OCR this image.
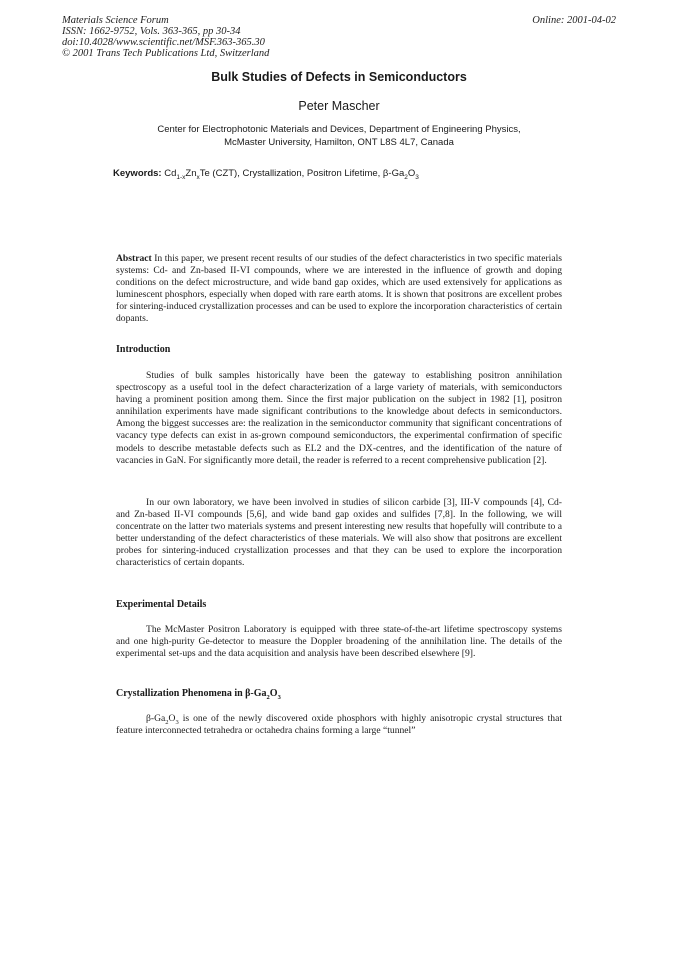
Materials Science Forum
ISSN: 1662-9752, Vols. 363-365, pp 30-34
doi:10.4028/www.scientific.net/MSF.363-365.30
© 2001 Trans Tech Publications Ltd, Switzerland
Online: 2001-04-02
Bulk Studies of Defects in Semiconductors
Peter Mascher
Center for Electrophotonic Materials and Devices, Department of Engineering Physics,
McMaster University, Hamilton, ONT L8S 4L7, Canada
Keywords: $Cd_{1-x}Zn_xTe$ (CZT), Crystallization, Positron Lifetime, $\beta-Ga_2O_3$
Abstract In this paper, we present recent results of our studies of the defect characteristics in two specific materials systems: Cd- and Zn-based II-VI compounds, where we are interested in the influence of growth and doping conditions on the defect microstructure, and wide band gap oxides, which are used extensively for applications as luminescent phosphors, especially when doped with rare earth atoms. It is shown that positrons are excellent probes for sintering-induced crystallization processes and can be used to explore the incorporation characteristics of certain dopants.
Introduction
Studies of bulk samples historically have been the gateway to establishing positron annihilation spectroscopy as a useful tool in the defect characterization of a large variety of materials, with semiconductors having a prominent position among them. Since the first major publication on the subject in 1982 [1], positron annihilation experiments have made significant contributions to the knowledge about defects in semiconductors. Among the biggest successes are: the realization in the semiconductor community that significant concentrations of vacancy type defects can exist in as-grown compound semiconductors, the experimental confirmation of specific models to describe metastable defects such as EL2 and the DX-centres, and the identification of the nature of vacancies in GaN. For significantly more detail, the reader is referred to a recent comprehensive publication [2].
In our own laboratory, we have been involved in studies of silicon carbide [3], III-V compounds [4], Cd- and Zn-based II-VI compounds [5,6], and wide band gap oxides and sulfides [7,8]. In the following, we will concentrate on the latter two materials systems and present interesting new results that hopefully will contribute to a better understanding of the defect characteristics of these materials. We will also show that positrons are excellent probes for sintering-induced crystallization processes and that they can be used to explore the incorporation characteristics of certain dopants.
Experimental Details
The McMaster Positron Laboratory is equipped with three state-of-the-art lifetime spectroscopy systems and one high-purity Ge-detector to measure the Doppler broadening of the annihilation line. The details of the experimental set-ups and the data acquisition and analysis have been described elsewhere [9].
Crystallization Phenomena in $\beta-Ga_2O_3$
$\beta-Ga_2O_3$ is one of the newly discovered oxide phosphors with highly anisotropic crystal structures that feature interconnected tetrahedra or octahedra chains forming a large “tunnel”
